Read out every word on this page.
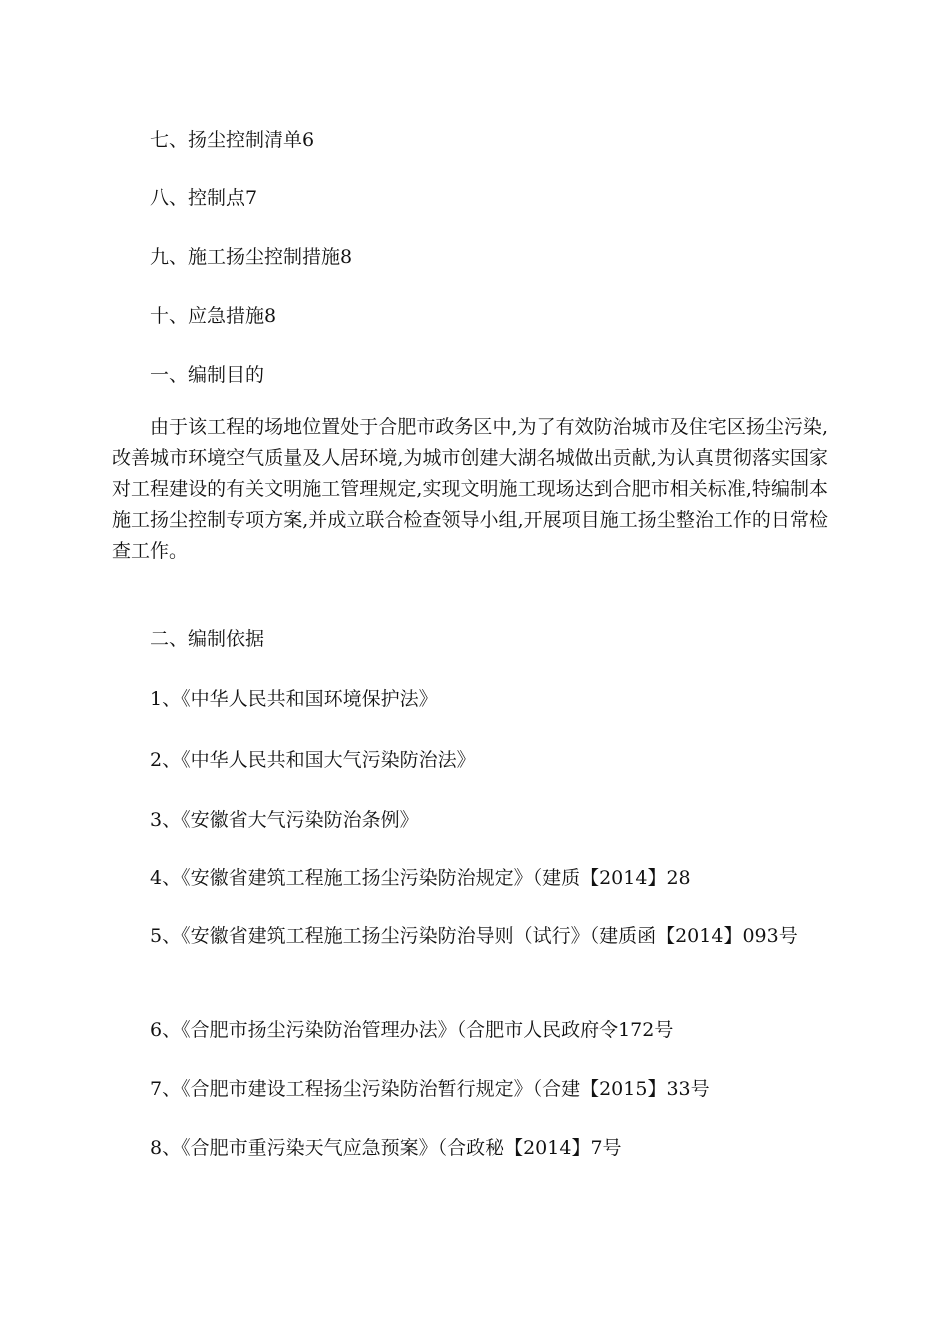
七、扬尘控制清单6
八、控制点7
九、施工扬尘控制措施8
十、应急措施8
一、编制目的
由于该工程的场地位置处于合肥市政务区中,为了有效防治城市及住宅区扬尘污染,改善城市环境空气质量及人居环境,为城市创建大湖名城做出贡献,为认真贯彻落实国家对工程建设的有关文明施工管理规定,实现文明施工现场达到合肥市相关标准,特编制本施工扬尘控制专项方案,并成立联合检查领导小组,开展项目施工扬尘整治工作的日常检查工作。
二、编制依据
1、《中华人民共和国环境保护法》
2、《中华人民共和国大气污染防治法》
3、《安徽省大气污染防治条例》
4、《安徽省建筑工程施工扬尘污染防治规定》（建质【2014】28
5、《安徽省建筑工程施工扬尘污染防治导则（试行》（建质函【2014】093号
6、《合肥市扬尘污染防治管理办法》（合肥市人民政府令172号
7、《合肥市建设工程扬尘污染防治暂行规定》（合建【2015】33号
8、《合肥市重污染天气应急预案》（合政秘【2014】7号
